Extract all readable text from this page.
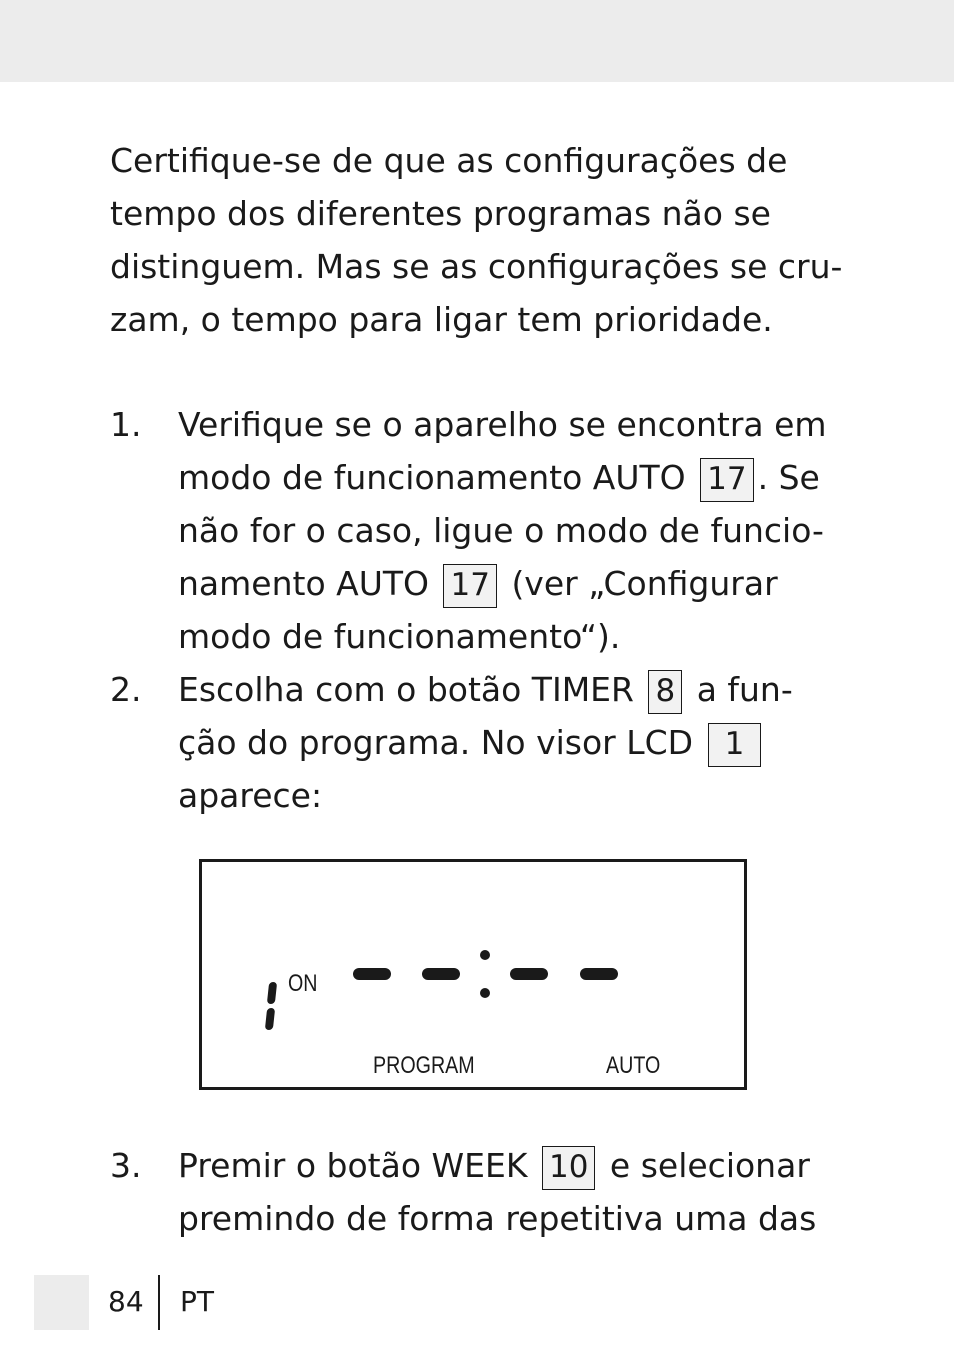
Certifique-se de que as configurações de
tempo dos diferentes programas não se
distinguem. Mas se as configurações se cru-
zam, o tempo para ligar tem prioridade.
1. Verifique se o aparelho se encontra em
modo de funcionamento AUTO 17 . Se
não for o caso, ligue o modo de funcio-
namento AUTO 17 (ver „Configurar
modo de funcionamento“).
2. Escolha com o botão TIMER 8 a fun-
ção do programa. No visor LCD 1
aparece:
ON
PROGRAM	AUTO
3. Premir o botão WEEK 10 e selecionar
premindo de forma repetitiva uma das
84 PT
